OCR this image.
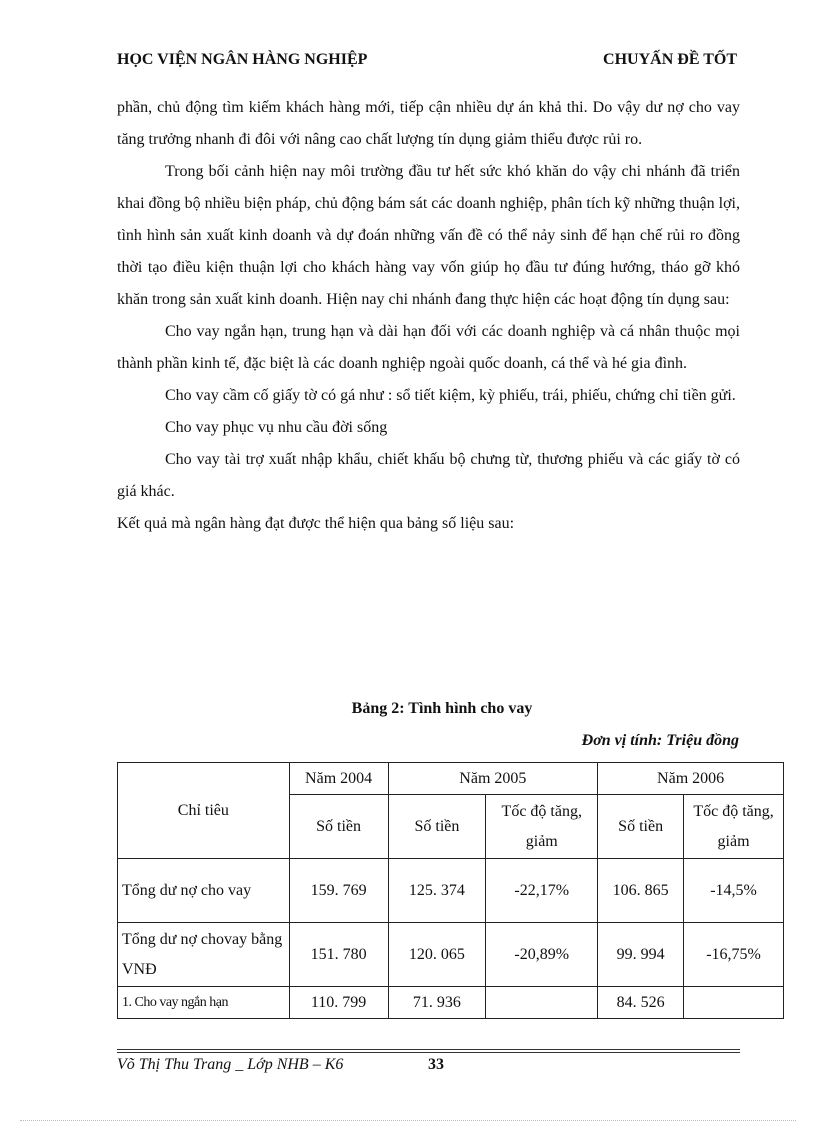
HỌC VIỆN NGÂN HÀNG NGHIỆP	CHUYẤN ĐỀ TỐT

phần, chủ động tìm kiếm khách hàng mới, tiếp cận nhiều dự án khả thi. Do vậy dư nợ cho vay tăng trưởng nhanh đi đôi với nâng cao chất lượng tín dụng giảm thiểu được rủi ro.

Trong bối cảnh hiện nay môi trường đầu tư hết sức khó khăn do vậy chi nhánh đã triển khai đồng bộ nhiều biện pháp, chủ động bám sát các doanh nghiệp, phân tích kỹ những thuận lợi, tình hình sản xuất kinh doanh và dự đoán những vấn đề có thể nảy sinh để hạn chế rủi ro đồng thời tạo điều kiện thuận lợi cho khách hàng vay vốn giúp họ đầu tư đúng hướng, tháo gỡ khó khăn trong sản xuất kinh doanh. Hiện nay chi nhánh đang thực hiện các hoạt động tín dụng sau:

Cho vay ngắn hạn, trung hạn và dài hạn đối với các doanh nghiệp và cá nhân thuộc mọi thành phần kinh tế, đặc biệt là các doanh nghiệp ngoài quốc doanh, cá thể và hé gia đình.

Cho vay cầm cố giấy tờ có gá như : sổ tiết kiệm, kỳ phiếu, trái, phiếu, chứng chỉ tiền gửi.

Cho vay phục vụ nhu cầu đời sống

Cho vay tài trợ xuất nhập khẩu, chiết khấu bộ chưng từ, thương phiếu và các giấy tờ có giá khác.

Kết quả mà ngân hàng đạt được thể hiện qua bảng số liệu sau:

Bảng 2: Tình hình cho vay
Đơn vị tính: Triệu đồng
Chỉ tiêu	Năm 2004	Năm 2005		Năm 2006	
	Số tiền	Số tiền	Tốc độ tăng, giảm	Số tiền	Tốc độ tăng, giảm
Tổng dư nợ cho vay	159. 769	125. 374	-22,17%	106. 865	-14,5%
Tổng dư nợ chovay bằng VNĐ	151. 780	120. 065	-20,89%	99. 994	-16,75%
1. Cho vay ngắn hạn	110. 799	71. 936		84. 526	
Võ Thị Thu Trang _ Lớp NHB – K6	33
